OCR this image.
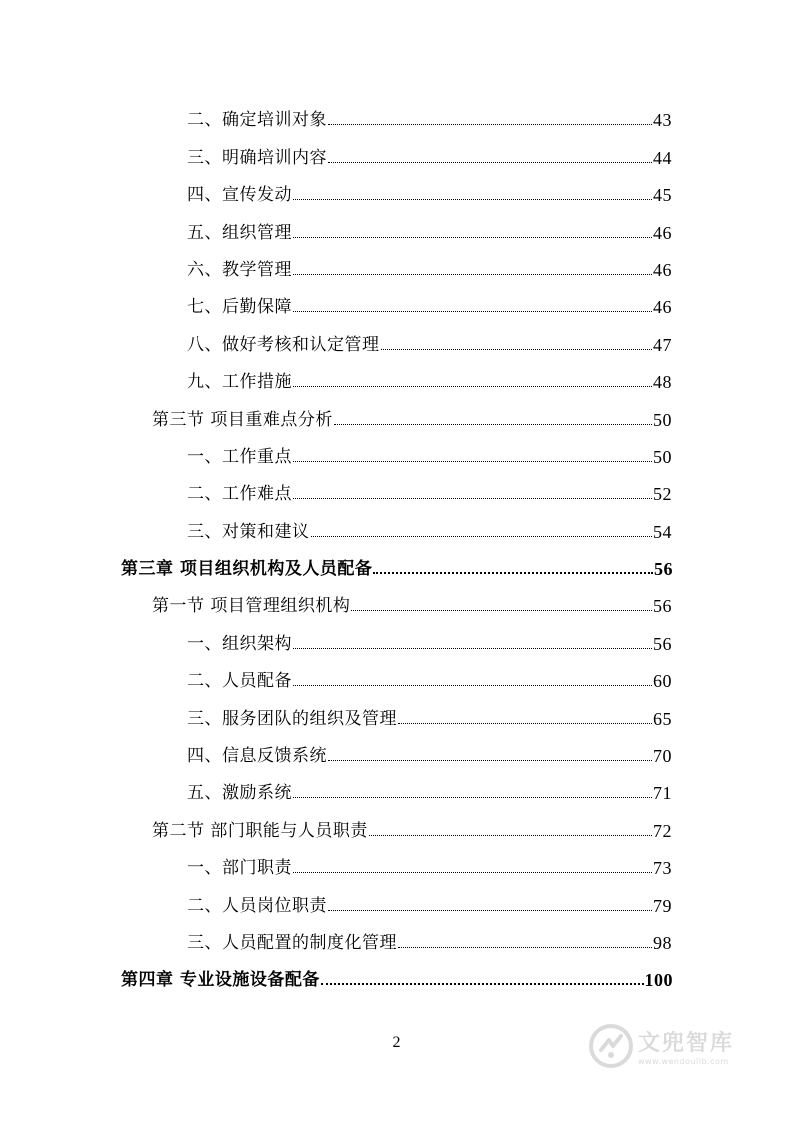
二、确定培训对象	43
三、明确培训内容	44
四、宣传发动	45
五、组织管理	46
六、教学管理	46
七、后勤保障	46
八、做好考核和认定管理	47
九、工作措施	48
第三节 项目重难点分析	50
一、工作重点	50
二、工作难点	52
三、对策和建议	54
第三章 项目组织机构及人员配备	56
第一节 项目管理组织机构	56
一、组织架构	56
二、人员配备	60
三、服务团队的组织及管理	65
四、信息反馈系统	70
五、激励系统	71
第二节 部门职能与人员职责	72
一、部门职责	73
二、人员岗位职责	79
三、人员配置的制度化管理	98
第四章 专业设施设备配备	100
2	文兜智库
www.wendoulib.com
